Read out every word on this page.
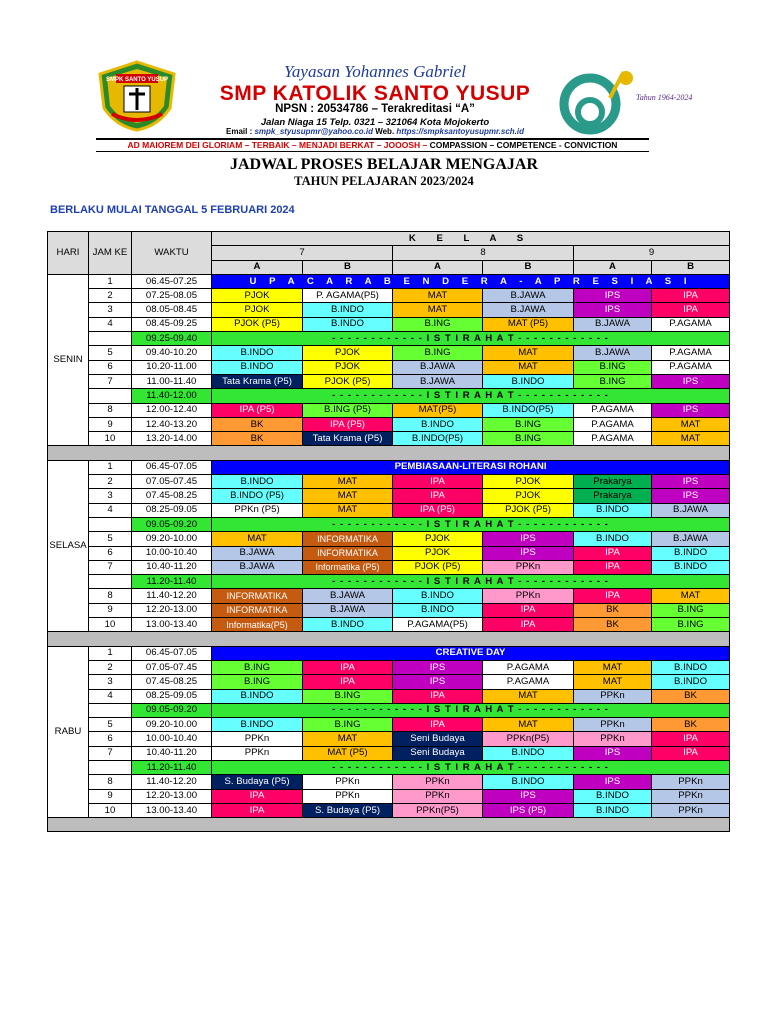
SMPK SANTO YUSUP	Yayasan Yohannes Gabriel
SMP KATOLIK SANTO YUSUP
NPSN : 20534786 – Terakreditasi “A”
Jalan Niaga 15 Telp. 0321 – 321064 Kota Mojokerto
Email : smpk_styusupmr@yahoo.co.id Web. https://smpksantoyusupmr.sch.id
Tahun 1964-2024
AD MAIOREM DEI GLORIAM – TERBAIK – MENJADI BERKAT – JOOOSH – COMPASSION – COMPETENCE - CONVICTION
JADWAL PROSES BELAJAR MENGAJAR
TAHUN PELAJARAN 2023/2024
BERLAKU MULAI TANGGAL 5 FEBRUARI 2024
HARI	JAM KE	WAKTU	K E L A S					
			7		8		9	
			A	B	A	B	A	B
SENIN	1	06.45-07.25	U P A C A R A B E N D E R A - A P R E S I A S I					
	2	07.25-08.05	PJOK	P. AGAMA(P5)	MAT	B.JAWA	IPS	IPA
	3	08.05-08.45	PJOK	B.INDO	MAT	B.JAWA	IPS	IPA
	4	08.45-09.25	PJOK (P5)	B.INDO	B.ING	MAT (P5)	B.JAWA	P.AGAMA
		09.25-09.40	- - - - - - - - - - - - I S T I R A H A T - - - - - - - - - - - -					
	5	09.40-10.20	B.INDO	PJOK	B.ING	MAT	B.JAWA	P.AGAMA
	6	10.20-11.00	B.INDO	PJOK	B.JAWA	MAT	B.ING	P.AGAMA
	7	11.00-11.40	Tata Krama (P5)	PJOK (P5)	B.JAWA	B.INDO	B.ING	IPS
		11.40-12.00	- - - - - - - - - - - - I S T I R A H A T - - - - - - - - - - - -					
	8	12.00-12.40	IPA (P5)	B.ING (P5)	MAT(P5)	B.INDO(P5)	P.AGAMA	IPS
	9	12.40-13.20	BK	IPA (P5)	B.INDO	B.ING	P.AGAMA	MAT
	10	13.20-14.00	BK	Tata Krama (P5)	B.INDO(P5)	B.ING	P.AGAMA	MAT

SELASA	1	06.45-07.05	PEMBIASAAN-LITERASI ROHANI					
	2	07.05-07.45	B.INDO	MAT	IPA	PJOK	Prakarya	IPS
	3	07.45-08.25	B.INDO (P5)	MAT	IPA	PJOK	Prakarya	IPS
	4	08.25-09.05	PPKn (P5)	MAT	IPA (P5)	PJOK (P5)	B.INDO	B.JAWA
		09.05-09.20	- - - - - - - - - - - - I S T I R A H A T - - - - - - - - - - - -					
	5	09.20-10.00	MAT	INFORMATIKA	PJOK	IPS	B.INDO	B.JAWA
	6	10.00-10.40	B.JAWA	INFORMATIKA	PJOK	IPS	IPA	B.INDO
	7	10.40-11.20	B.JAWA	Informatika (P5)	PJOK (P5)	PPKn	IPA	B.INDO
		11.20-11.40	- - - - - - - - - - - - I S T I R A H A T - - - - - - - - - - - -					
	8	11.40-12.20	INFORMATIKA	B.JAWA	B.INDO	PPKn	IPA	MAT
	9	12.20-13.00	INFORMATIKA	B.JAWA	B.INDO	IPA	BK	B.ING
	10	13.00-13.40	Informatika(P5)	B.INDO	P.AGAMA(P5)	IPA	BK	B.ING

RABU	1	06.45-07.05	CREATIVE DAY					
	2	07.05-07.45	B.ING	IPA	IPS	P.AGAMA	MAT	B.INDO
	3	07.45-08.25	B.ING	IPA	IPS	P.AGAMA	MAT	B.INDO
	4	08.25-09.05	B.INDO	B.ING	IPA	MAT	PPKn	BK
		09.05-09.20	- - - - - - - - - - - - I S T I R A H A T - - - - - - - - - - - -					
	5	09.20-10.00	B.INDO	B.ING	IPA	MAT	PPKn	BK
	6	10.00-10.40	PPKn	MAT	Seni Budaya	PPKn(P5)	PPKn	IPA
	7	10.40-11.20	PPKn	MAT (P5)	Seni Budaya	B.INDO	IPS	IPA
		11.20-11.40	- - - - - - - - - - - - I S T I R A H A T - - - - - - - - - - - -					
	8	11.40-12.20	S. Budaya (P5)	PPKn	PPKn	B.INDO	IPS	PPKn
	9	12.20-13.00	IPA	PPKn	PPKn	IPS	B.INDO	PPKn
	10	13.00-13.40	IPA	S. Budaya (P5)	PPKn(P5)	IPS (P5)	B.INDO	PPKn
